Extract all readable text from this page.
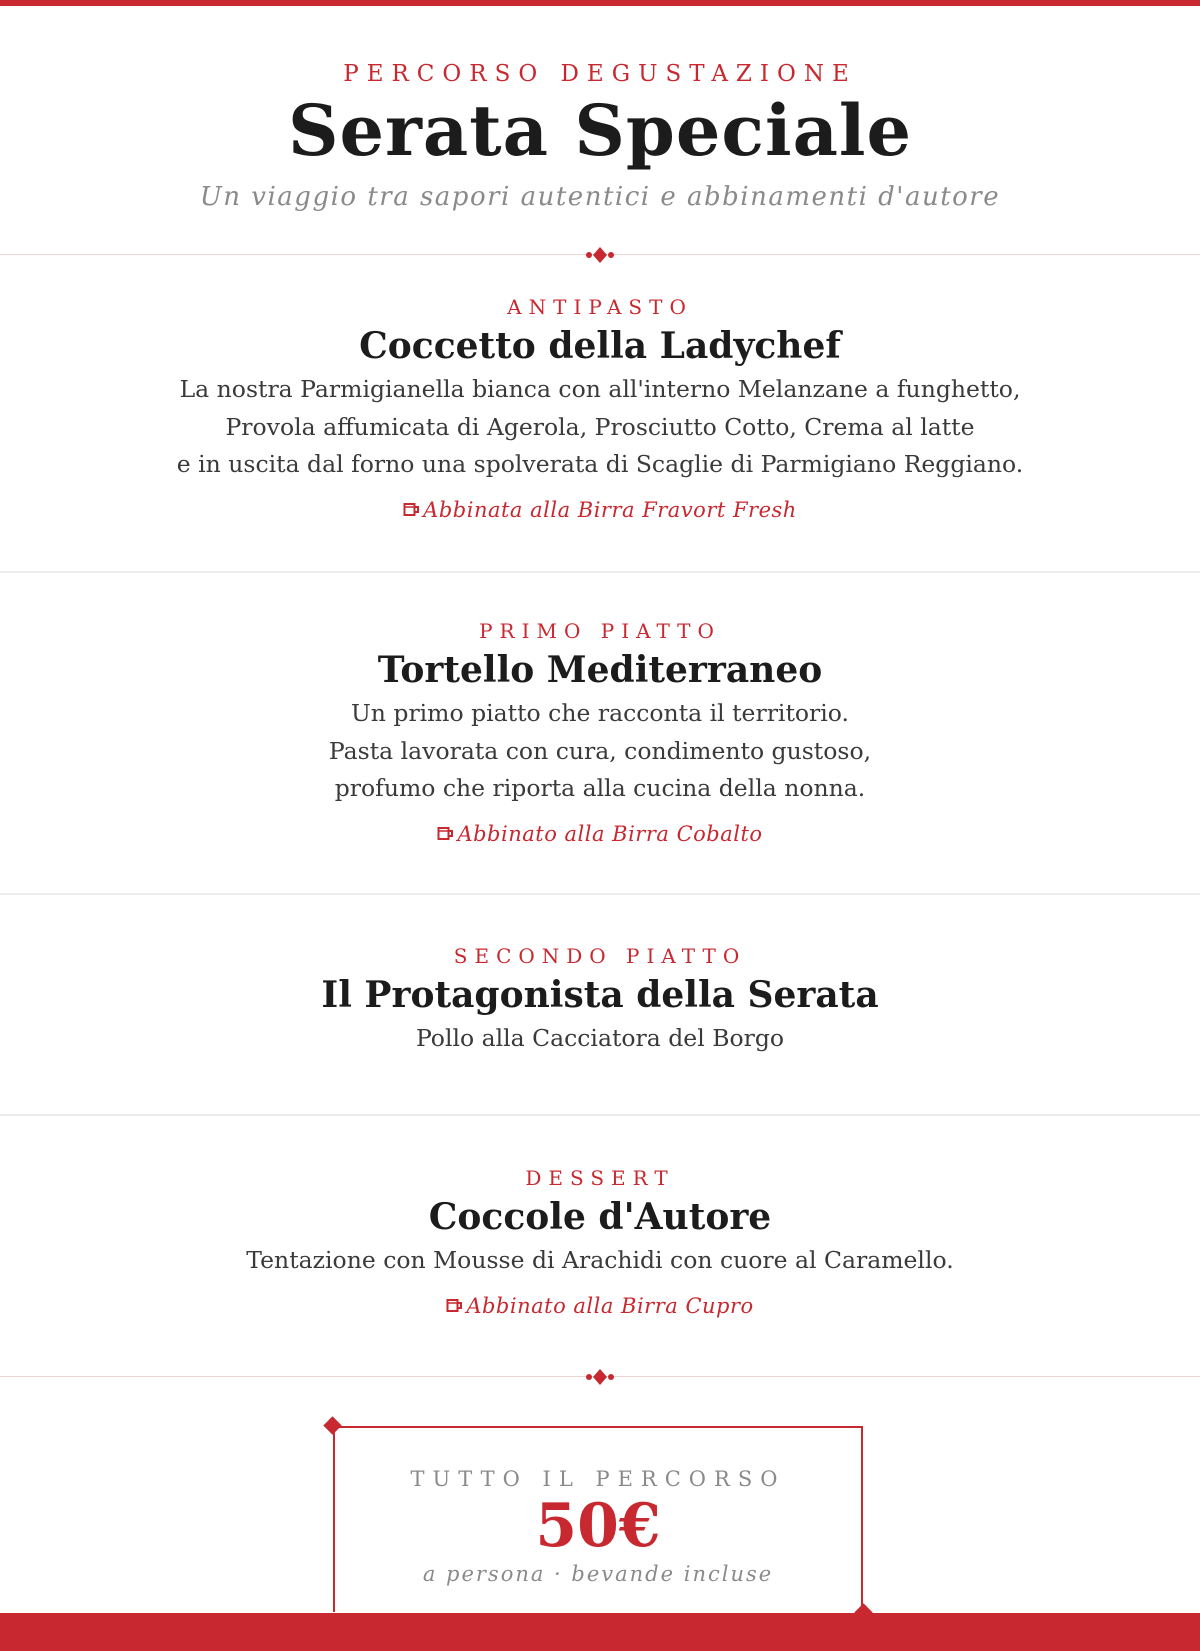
PERCORSO DEGUSTAZIONE
Serata Speciale
Un viaggio tra sapori autentici e abbinamenti d'autore
ANTIPASTO
Coccetto della Ladychef
La nostra Parmigianella bianca con all'interno Melanzane a funghetto,
Provola affumicata di Agerola, Prosciutto Cotto, Crema al latte
e in uscita dal forno una spolverata di Scaglie di Parmigiano Reggiano.
Abbinata alla Birra Fravort Fresh
PRIMO PIATTO
Tortello Mediterraneo
Un primo piatto che racconta il territorio.
Pasta lavorata con cura, condimento gustoso,
profumo che riporta alla cucina della nonna.
Abbinato alla Birra Cobalto
SECONDO PIATTO
Il Protagonista della Serata
Pollo alla Cacciatora del Borgo
DESSERT
Coccole d'Autore
Tentazione con Mousse di Arachidi con cuore al Caramello.
Abbinato alla Birra Cupro
TUTTO IL PERCORSO
50€
a persona · bevande incluse
